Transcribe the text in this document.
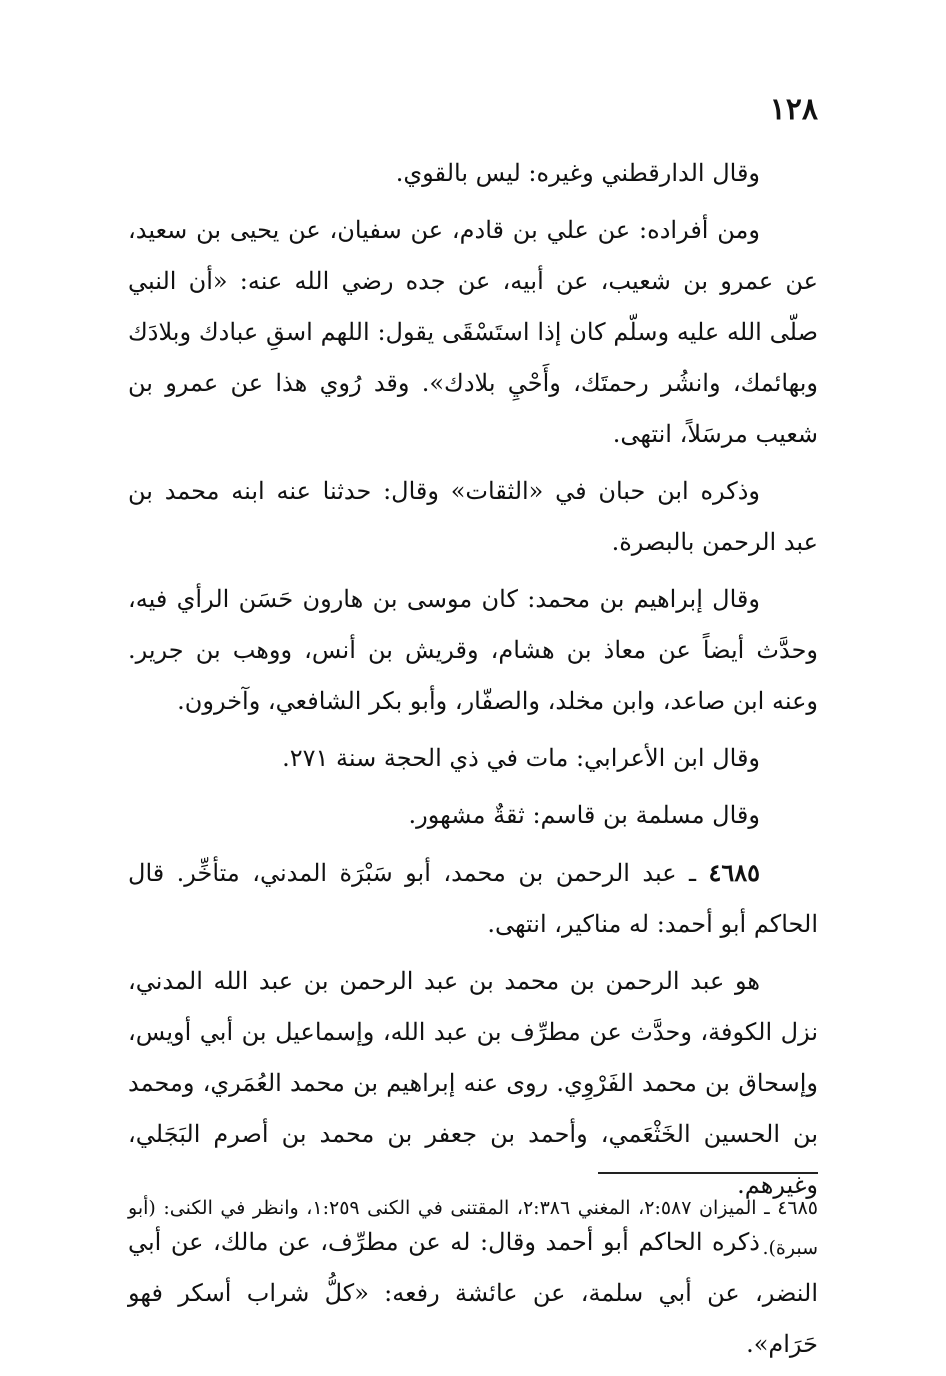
١٢٨

وقال الدارقطني وغيره: ليس بالقوي.

ومن أفراده: عن علي بن قادم، عن سفيان، عن يحيى بن سعيد، عن عمرو بن شعيب، عن أبيه، عن جده رضي الله عنه: «أن النبي صلّى الله عليه وسلّم كان إذا استَسْقَى يقول: اللهم اسقِ عبادك وبلادَك وبهائمك، وانشُر رحمتَك، وأَحْيِ بلادك». وقد رُوي هذا عن عمرو بن شعيب مرسَلاً، انتهى.

وذكره ابن حبان في «الثقات» وقال: حدثنا عنه ابنه محمد بن عبد الرحمن بالبصرة.

وقال إبراهيم بن محمد: كان موسى بن هارون حَسَن الرأي فيه، وحدَّث أيضاً عن معاذ بن هشام، وقريش بن أنس، ووهب بن جرير. وعنه ابن صاعد، وابن مخلد، والصفّار، وأبو بكر الشافعي، وآخرون.

وقال ابن الأعرابي: مات في ذي الحجة سنة ٢٧١.

وقال مسلمة بن قاسم: ثقةٌ مشهور.

٤٦٨٥ ـ عبد الرحمن بن محمد، أبو سَبْرَة المدني، متأخِّر. قال الحاكم أبو أحمد: له مناكير، انتهى.

هو عبد الرحمن بن محمد بن عبد الرحمن بن عبد الله المدني، نزل الكوفة، وحدَّث عن مطرِّف بن عبد الله، وإسماعيل بن أبي أويس، وإسحاق بن محمد الفَرْوِي. روى عنه إبراهيم بن محمد العُمَري، ومحمد بن الحسين الخَثْعَمي، وأحمد بن جعفر بن محمد بن أصرم البَجَلي، وغيرهم.

ذكره الحاكم أبو أحمد وقال: له عن مطرِّف، عن مالك، عن أبي النضر، عن أبي سلمة، عن عائشة رفعه: «كلُّ شراب أسكر فهو حَرَام».

٤٦٨٥ ـ الميزان ٢:٥٨٧، المغني ٢:٣٨٦، المقتنى في الكنى ١:٢٥٩، وانظر في الكنى: (أبو سبرة).
